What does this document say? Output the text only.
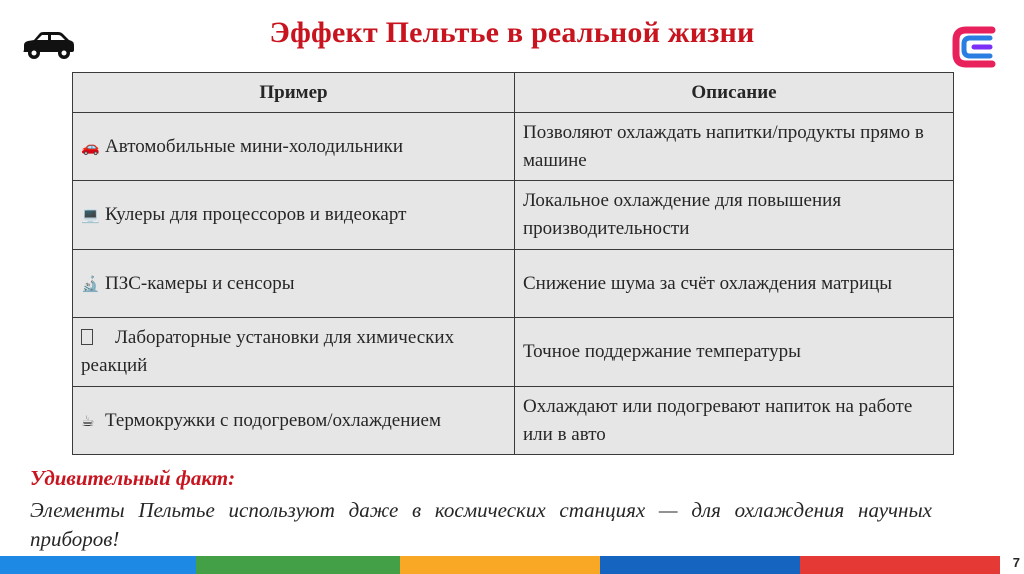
Эффект Пельтье в реальной жизни
Пример	Описание
🚗 Автомобильные мини-холодильники	Позволяют охлаждать напитки/продукты прямо в машине
💻 Кулеры для процессоров и видеокарт	Локальное охлаждение для повышения производительности
🔬 ПЗС-камеры и сенсоры	Снижение шума за счёт охлаждения матрицы
Лабораторные установки для химических реакций	Точное поддержание температуры
☕ Термокружки с подогревом/охлаждением	Охлаждают или подогревают напиток на работе или в авто
Удивительный факт:
Элементы Пельтье используют даже в космических станциях — для охлаждения научных приборов!
7
